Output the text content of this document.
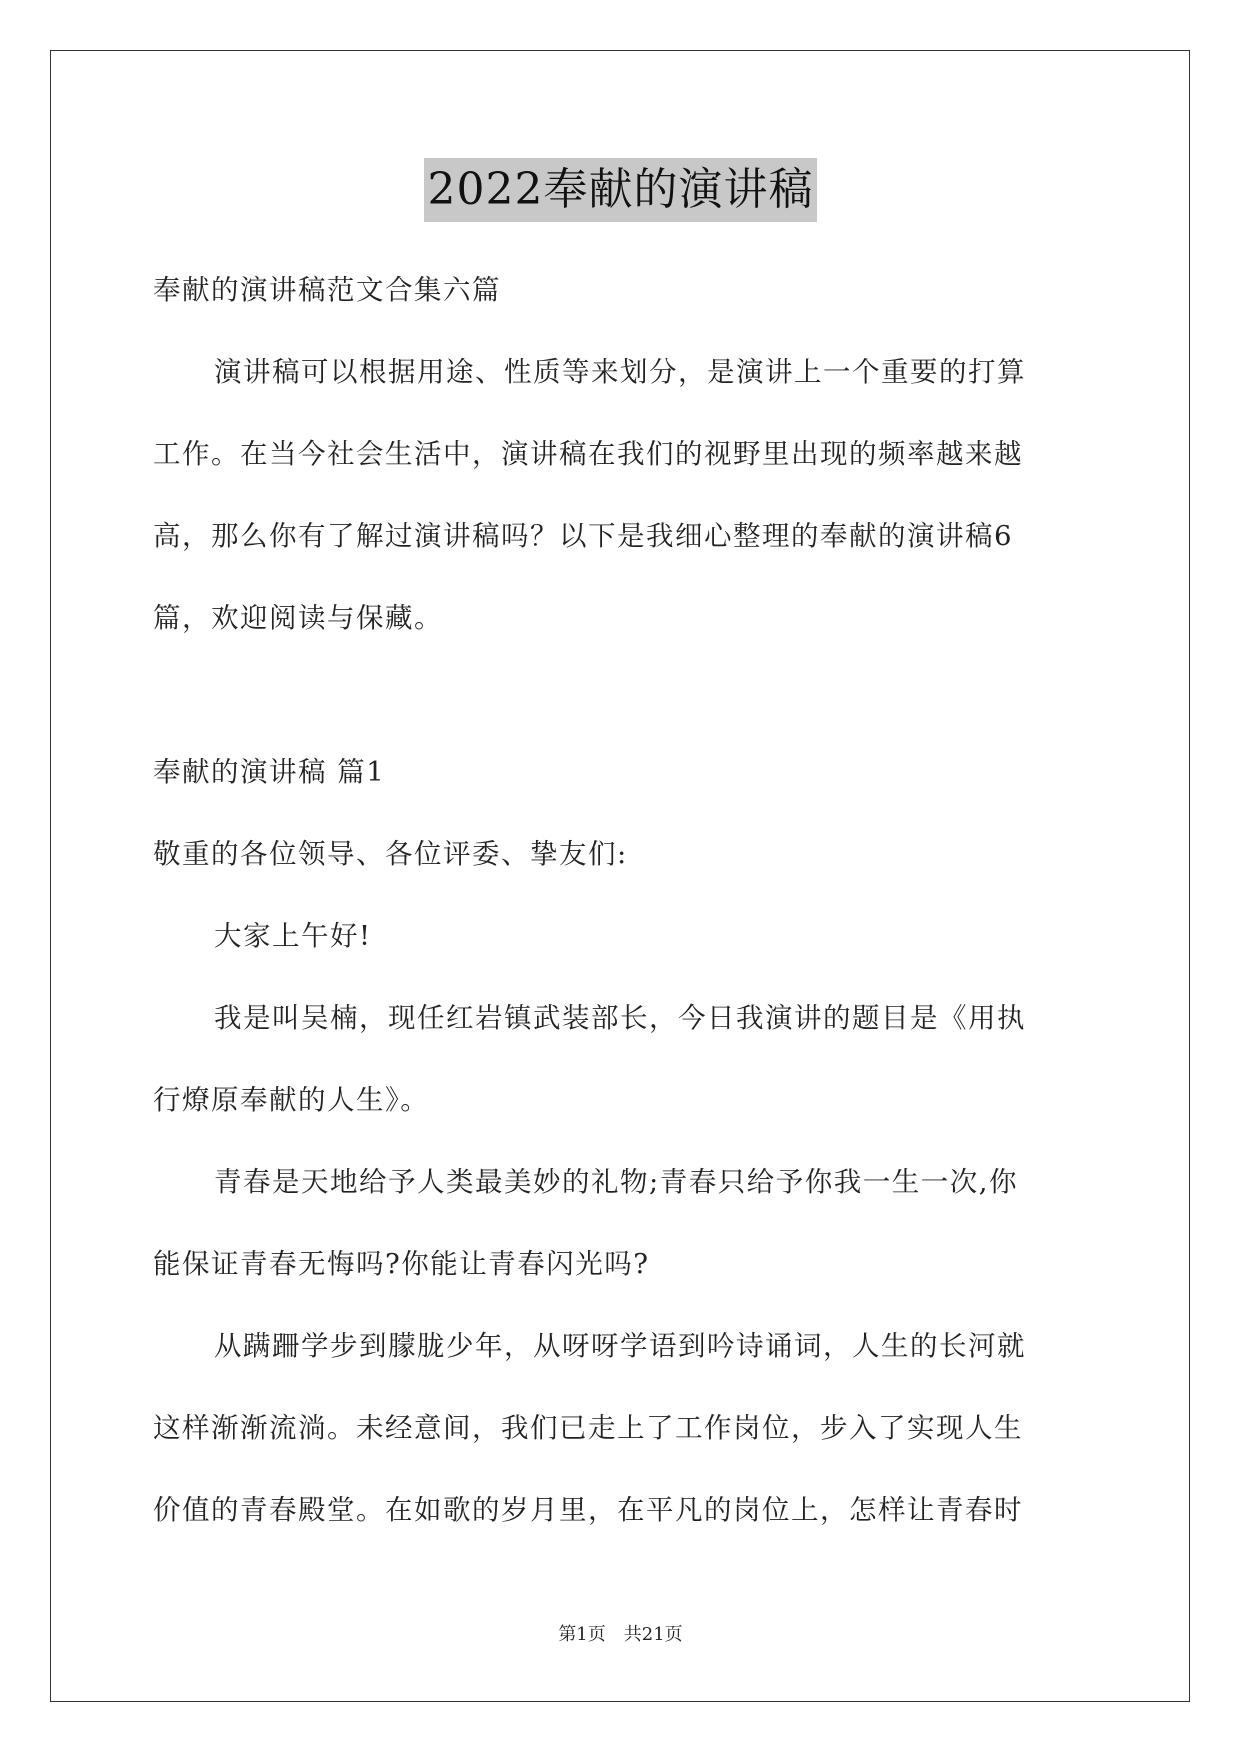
2022奉献的演讲稿
奉献的演讲稿范文合集六篇
演讲稿可以根据用途、性质等来划分，是演讲上一个重要的打算
工作。在当今社会生活中，演讲稿在我们的视野里出现的频率越来越
高，那么你有了解过演讲稿吗？以下是我细心整理的奉献的演讲稿6
篇，欢迎阅读与保藏。
奉献的演讲稿 篇1
敬重的各位领导、各位评委、挚友们:
大家上午好!
我是叫吴楠，现任红岩镇武装部长，今日我演讲的题目是《用执
行燎原奉献的人生》。
青春是天地给予人类最美妙的礼物;青春只给予你我一生一次,你
能保证青春无悔吗?你能让青春闪光吗?
从蹒跚学步到朦胧少年，从呀呀学语到吟诗诵词，人生的长河就
这样渐渐流淌。未经意间，我们已走上了工作岗位，步入了实现人生
价值的青春殿堂。在如歌的岁月里，在平凡的岗位上，怎样让青春时
第1页　共21页
